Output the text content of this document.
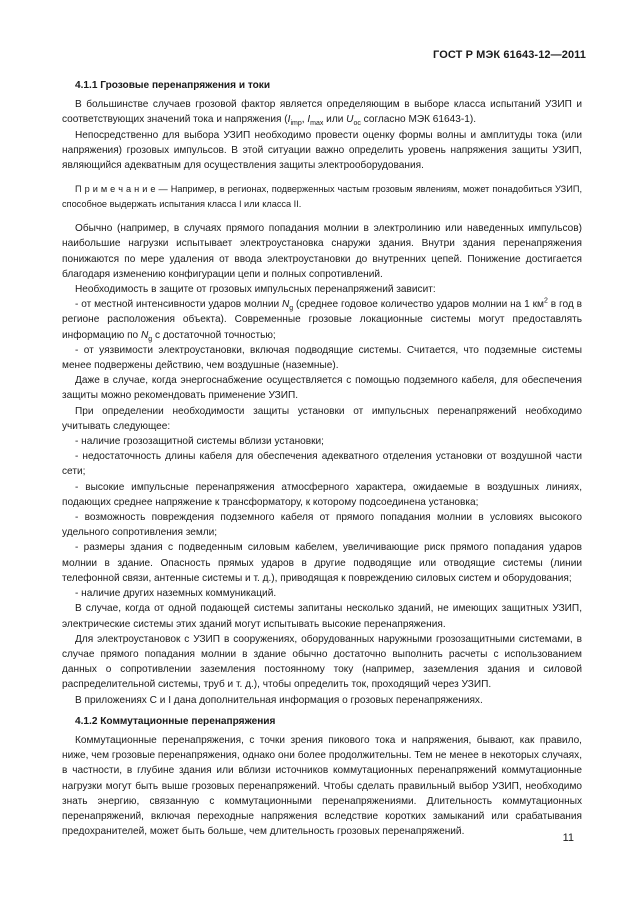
ГОСТ Р МЭК 61643-12—2011

4.1.1 Грозовые перенапряжения и токи

В большинстве случаев грозовой фактор является определяющим в выборе класса испытаний УЗИП и соответствующих значений тока и напряжения ($I_{imp}$, $I_{max}$ или $U_{oc}$ согласно МЭК 61643-1).

Непосредственно для выбора УЗИП необходимо провести оценку формы волны и амплитуды тока (или напряжения) грозовых импульсов. В этой ситуации важно определить уровень напряжения защиты УЗИП, являющийся адекватным для осуществления защиты электрооборудования.

П р и м е ч а н и е — Например, в регионах, подверженных частым грозовым явлениям, может понадобиться УЗИП, способное выдержать испытания класса I или класса II.

Обычно (например, в случаях прямого попадания молнии в электролинию или наведенных импульсов) наибольшие нагрузки испытывает электроустановка снаружи здания. Внутри здания перенапряжения понижаются по мере удаления от ввода электроустановки до внутренних цепей. Понижение достигается благодаря изменению конфигурации цепи и полных сопротивлений.

Необходимость в защите от грозовых импульсных перенапряжений зависит:

- от местной интенсивности ударов молнии $N_g$ (среднее годовое количество ударов молнии на 1 $км^2$ в год в регионе расположения объекта). Современные грозовые локационные системы могут предоставлять информацию по $N_g$ с достаточной точностью;

- от уязвимости электроустановки, включая подводящие системы. Считается, что подземные системы менее подвержены действию, чем воздушные (наземные).

Даже в случае, когда энергоснабжение осуществляется с помощью подземного кабеля, для обеспечения защиты можно рекомендовать применение УЗИП.

При определении необходимости защиты установки от импульсных перенапряжений необходимо учитывать следующее:

- наличие грозозащитной системы вблизи установки;

- недостаточность длины кабеля для обеспечения адекватного отделения установки от воздушной части сети;

- высокие импульсные перенапряжения атмосферного характера, ожидаемые в воздушных линиях, подающих среднее напряжение к трансформатору, к которому подсоединена установка;

- возможность повреждения подземного кабеля от прямого попадания молнии в условиях высокого удельного сопротивления земли;

- размеры здания с подведенным силовым кабелем, увеличивающие риск прямого попадания ударов молнии в здание. Опасность прямых ударов в другие подводящие или отводящие системы (линии телефонной связи, антенные системы и т. д.), приводящая к повреждению силовых систем и оборудования;

- наличие других наземных коммуникаций.

В случае, когда от одной подающей системы запитаны несколько зданий, не имеющих защитных УЗИП, электрические системы этих зданий могут испытывать высокие перенапряжения.

Для электроустановок с УЗИП в сооружениях, оборудованных наружными грозозащитными системами, в случае прямого попадания молнии в здание обычно достаточно выполнить расчеты с использованием данных о сопротивлении заземления постоянному току (например, заземления здания и силовой распределительной системы, труб и т. д.), чтобы определить ток, проходящий через УЗИП.

В приложениях С и I дана дополнительная информация о грозовых перенапряжениях.

4.1.2 Коммутационные перенапряжения

Коммутационные перенапряжения, с точки зрения пикового тока и напряжения, бывают, как правило, ниже, чем грозовые перенапряжения, однако они более продолжительны. Тем не менее в некоторых случаях, в частности, в глубине здания или вблизи источников коммутационных перенапряжений коммутационные нагрузки могут быть выше грозовых перенапряжений. Чтобы сделать правильный выбор УЗИП, необходимо знать энергию, связанную с коммутационными перенапряжениями. Длительность коммутационных перенапряжений, включая переходные напряжения вследствие коротких замыканий или срабатывания предохранителей, может быть больше, чем длительность грозовых перенапряжений.

11
